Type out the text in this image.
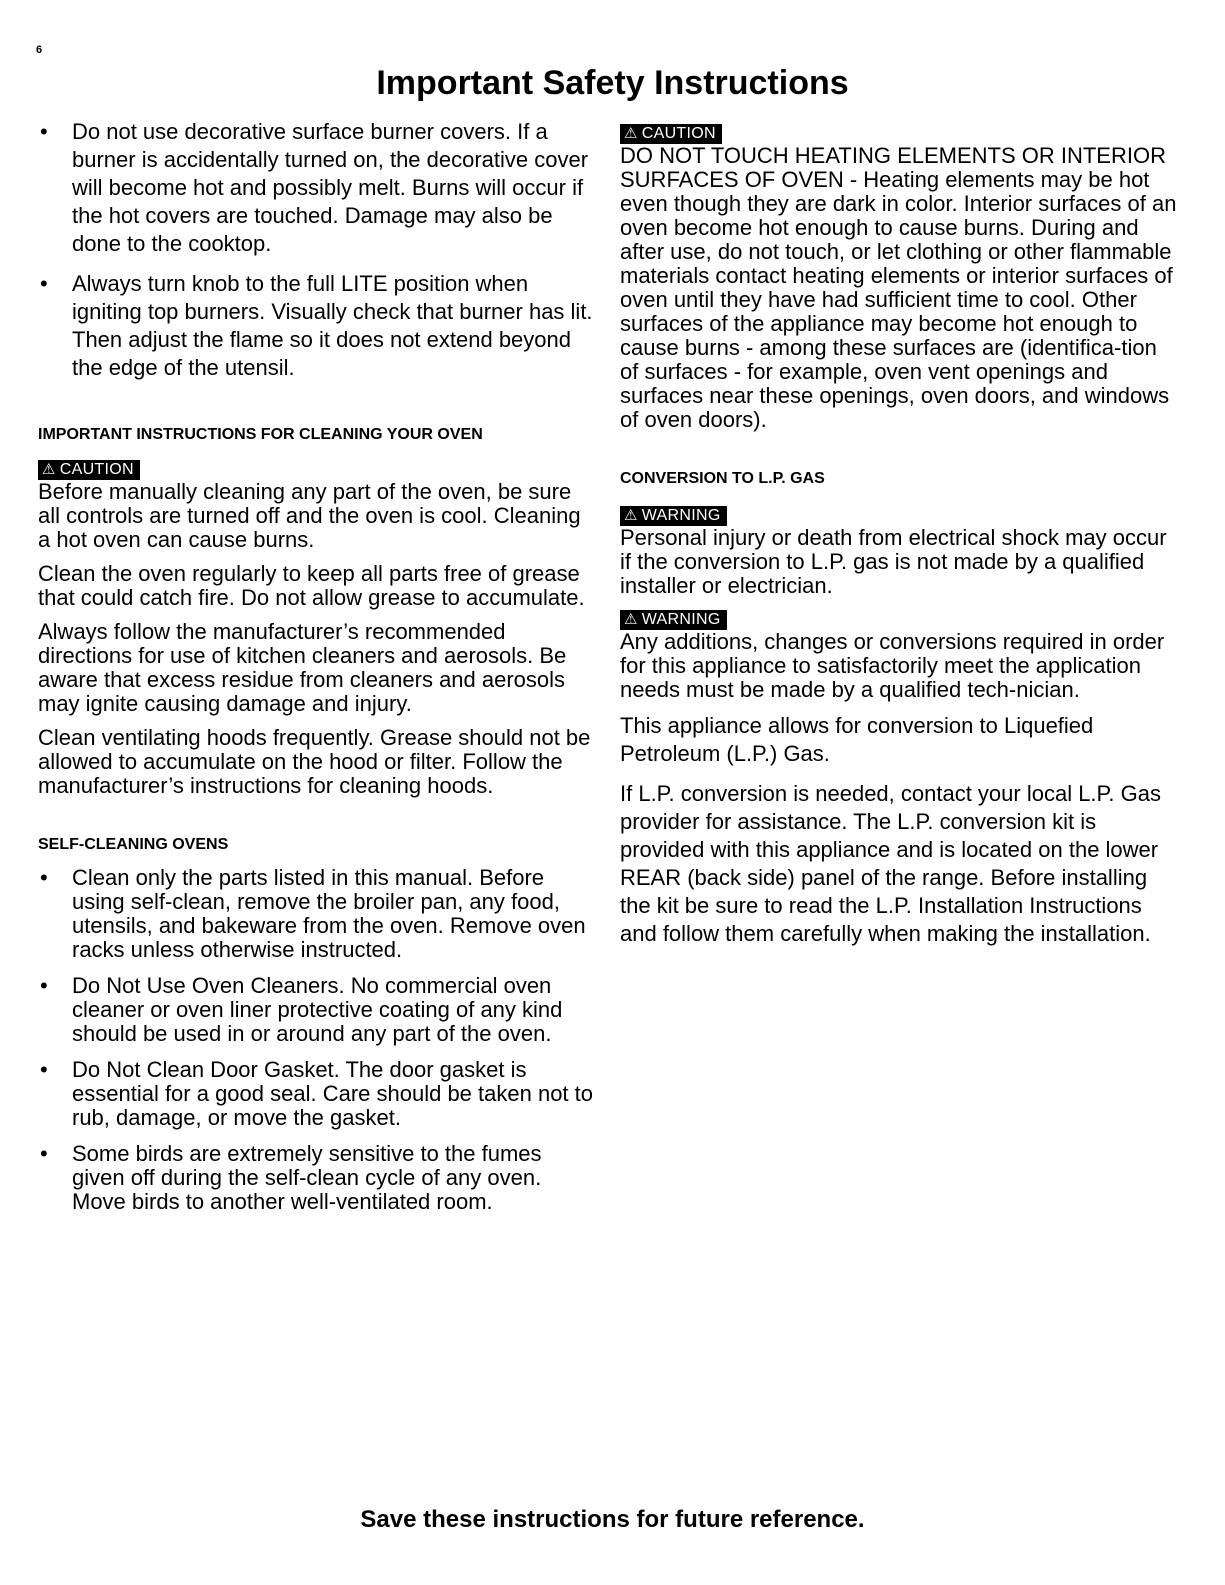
6
Important Safety Instructions
• Do not use decorative surface burner covers. If a burner is accidentally turned on, the decorative cover will become hot and possibly melt. Burns will occur if the hot covers are touched. Damage may also be done to the cooktop.
• Always turn knob to the full LITE position when igniting top burners. Visually check that burner has lit. Then adjust the flame so it does not extend beyond the edge of the utensil.
IMPORTANT INSTRUCTIONS FOR CLEANING YOUR OVEN
⚠ CAUTION

Before manually cleaning any part of the oven, be sure all controls are turned off and the oven is cool. Cleaning a hot oven can cause burns.

Clean the oven regularly to keep all parts free of grease that could catch fire. Do not allow grease to accumulate.

Always follow the manufacturer’s recommended directions for use of kitchen cleaners and aerosols. Be aware that excess residue from cleaners and aerosols may ignite causing damage and injury.

Clean ventilating hoods frequently. Grease should not be allowed to accumulate on the hood or filter. Follow the manufacturer’s instructions for cleaning hoods.

SELF-CLEANING OVENS
• Clean only the parts listed in this manual. Before using self-clean, remove the broiler pan, any food, utensils, and bakeware from the oven. Remove oven racks unless otherwise instructed.
• Do Not Use Oven Cleaners. No commercial oven cleaner or oven liner protective coating of any kind should be used in or around any part of the oven.
• Do Not Clean Door Gasket. The door gasket is essential for a good seal. Care should be taken not to rub, damage, or move the gasket.
• Some birds are extremely sensitive to the fumes given off during the self-clean cycle of any oven. Move birds to another well-ventilated room.
⚠ CAUTION

DO NOT TOUCH HEATING ELEMENTS OR INTERIOR SURFACES OF OVEN - Heating elements may be hot even though they are dark in color. Interior surfaces of an oven become hot enough to cause burns. During and after use, do not touch, or let clothing or other flammable materials contact heating elements or interior surfaces of oven until they have had sufficient time to cool. Other surfaces of the appliance may become hot enough to cause burns - among these surfaces are (identifica-tion of surfaces - for example, oven vent openings and surfaces near these openings, oven doors, and windows of oven doors).

CONVERSION TO L.P. GAS
⚠ WARNING

Personal injury or death from electrical shock may occur if the conversion to L.P. gas is not made by a qualified installer or electrician.

⚠ WARNING

Any additions, changes or conversions required in order for this appliance to satisfactorily meet the application needs must be made by a qualified tech-nician.

This appliance allows for conversion to Liquefied Petroleum (L.P.) Gas.

If L.P. conversion is needed, contact your local L.P. Gas provider for assistance. The L.P. conversion kit is provided with this appliance and is located on the lower REAR (back side) panel of the range. Before installing the kit be sure to read the L.P. Installation Instructions and follow them carefully when making the installation.

Save these instructions for future reference.
